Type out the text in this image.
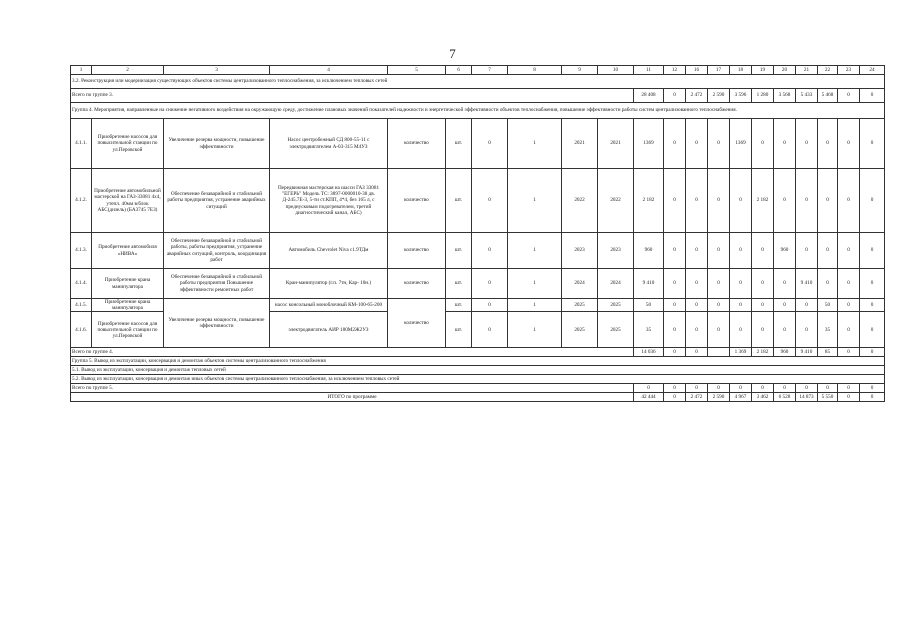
7
1	2	3	4	5	6	7	8	9	10	11	12	16	17	18	19	20	21	22	23	24
3.2. Реконструкция или модернизация существующих объектов системы централизованного теплоснабжения, за исключением тепловых сетей																				
Всего по группе 3.										28 408	0	2 472	2 590	3 596	1 280	3 568	5 433	5 468	0	0
Группа 4. Мероприятия, направленные на снижение негативного воздействия на окружающую среду, достижение плановых значений показателей надежности и энергетической эффективности объектов теплоснабжения, повышение эффективности работы систем централизованного теплоснабжения.																				
4.1.1.	Приобретение насосов для повысительной станции по ул.Перовской	Увеличение резерва мощности, повышение эффективности	Насос центробежный СД 800-55-11 с электродвигателем А-03-315 М4УЗ	количество	шт.	0	1	2021	2021	1369	0	0	0	1369	0	0	0	0	0	0
4.1.2.	Приобретение автомобильной мастерской на ГАЗ-33081 4х4, утепл. 40мм в/блок АБС(дизель) (БА3745 7ЕЗ)	Обеспечение безаварийной и стабильной работы предприятия, устранение аварийных ситуаций	Передвижная мастерская на шасси ГАЗ 33081 "ЕГЕРЬ" Модель ТС: 3897-0000010-38 дв. Д-245.7Е-3, 5-ти ст.КПП, 4*4, без 165 л, с преднусковым подогревателем, третий диагностический канал, АБС)	количество	шт.	0	1	2022	2022	2 182	0	0	0	0	2 182	0	0	0	0	0
4.1.3.	Приобретение автомобиля «НИВА»	Обеспечение безаварийной и стабильной работы, работы предприятия, устранение аварийных ситуаций, контроль, координация работ	Автомобиль Chevrolet Niva с1.9ТДм	количество	шт.	0	1	2023	2023	960	0	0	0	0	0	960	0	0	0	0
4.1.4.	Приобретение крана манипулятора	Обеспечение безаварийной и стабильной работы предприятия Повышение эффективности ремонтных работ	Кран-манипулятор (г.п. 7тн, Кар- 10н.)	количество	шт.	0	1	2024	2024	9 410	0	0	0	0	0	0	9 410	0	0	0
4.1.5.	Приобретение крана манипулятора	Увеличение резерва мощности, повышение эффективности	насос консольный моноблочный КМ-100-65-200	количество	шт.	0	1	2025	2025	50	0	0	0	0	0	0	0	50	0	0
4.1.6.	Приобретение насосов для повысительной станции по ул.Перовской		электродвигатель АИР 180М2Ж2УЗ		шт.	0	1	2025	2025	35	0	0	0	0	0	0	0	35	0	0
Всего по группе 4.										14 036	0	0		1 369	2 182	960	9 410	85	0	0
Группа 5. Вывод из эксплуатации, консервация и демонтаж объектов системы централизованного теплоснабжения																				
5.1. Вывод из эксплуатации, консервация и демонтаж тепловых сетей																				
5.2. Вывод из эксплуатации, консервация и демонтаж иных объектов системы централизованного теплоснабжения, за исключением тепловых сетей																				
Всего по группе 5.										0	0	0	0	0	0	0	0	0	0	0
ИТОГО по программе										42 444	0	2 472	2 590	4 967	3 462	6 528	14 873	5 550	0	0
